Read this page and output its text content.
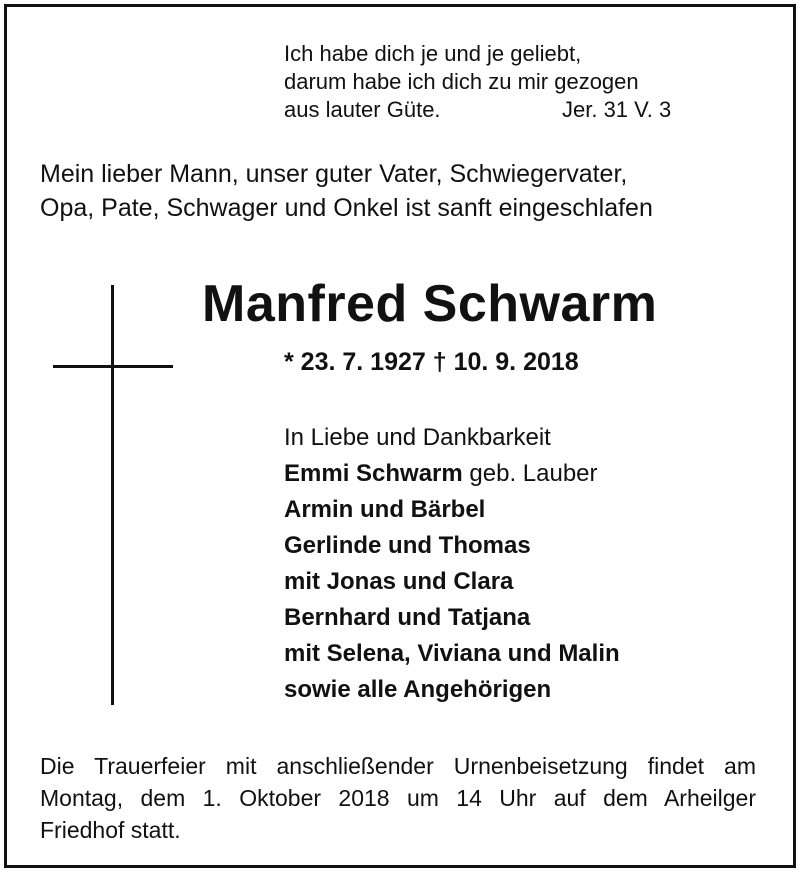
Ich habe dich je und je geliebt,
darum habe ich dich zu mir gezogen
aus lauter Güte.	Jer. 31 V. 3
Mein lieber Mann, unser guter Vater, Schwiegervater,
Opa, Pate, Schwager und Onkel ist sanft eingeschlafen
Manfred Schwarm
* 23. 7. 1927 † 10. 9. 2018
In Liebe und Dankbarkeit
Emmi Schwarm geb. Lauber
Armin und Bärbel
Gerlinde und Thomas
mit Jonas und Clara
Bernhard und Tatjana
mit Selena, Viviana und Malin
sowie alle Angehörigen
Die Trauerfeier mit anschließender Urnenbeisetzung findet am
Montag, dem 1. Oktober 2018 um 14 Uhr auf dem Arheilger
Friedhof statt.
